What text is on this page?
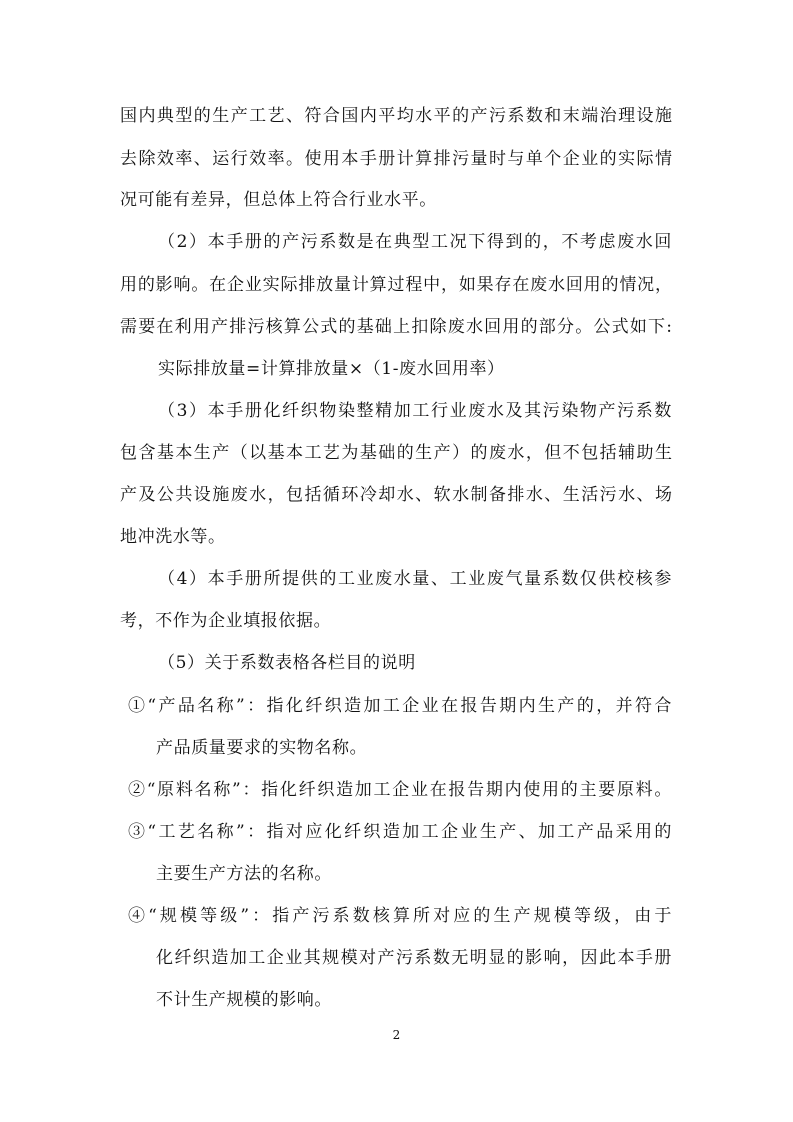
国内典型的生产工艺、符合国内平均水平的产污系数和末端治理设施
去除效率、运行效率。使用本手册计算排污量时与单个企业的实际情
况可能有差异，但总体上符合行业水平。
（2）本手册的产污系数是在典型工况下得到的，不考虑废水回
用的影响。在企业实际排放量计算过程中，如果存在废水回用的情况，
需要在利用产排污核算公式的基础上扣除废水回用的部分。公式如下:
实际排放量=计算排放量×（1-废水回用率）
（3）本手册化纤织物染整精加工行业废水及其污染物产污系数
包含基本生产（以基本工艺为基础的生产）的废水，但不包括辅助生
产及公共设施废水，包括循环冷却水、软水制备排水、生活污水、场
地冲洗水等。
（4）本手册所提供的工业废水量、工业废气量系数仅供校核参
考，不作为企业填报依据。
（5）关于系数表格各栏目的说明
①“产品名称”：指化纤织造加工企业在报告期内生产的，并符合
产品质量要求的实物名称。
②“原料名称”：指化纤织造加工企业在报告期内使用的主要原料。
③“工艺名称”：指对应化纤织造加工企业生产、加工产品采用的
主要生产方法的名称。
④“规模等级”：指产污系数核算所对应的生产规模等级，由于
化纤织造加工企业其规模对产污系数无明显的影响，因此本手册
不计生产规模的影响。
2
